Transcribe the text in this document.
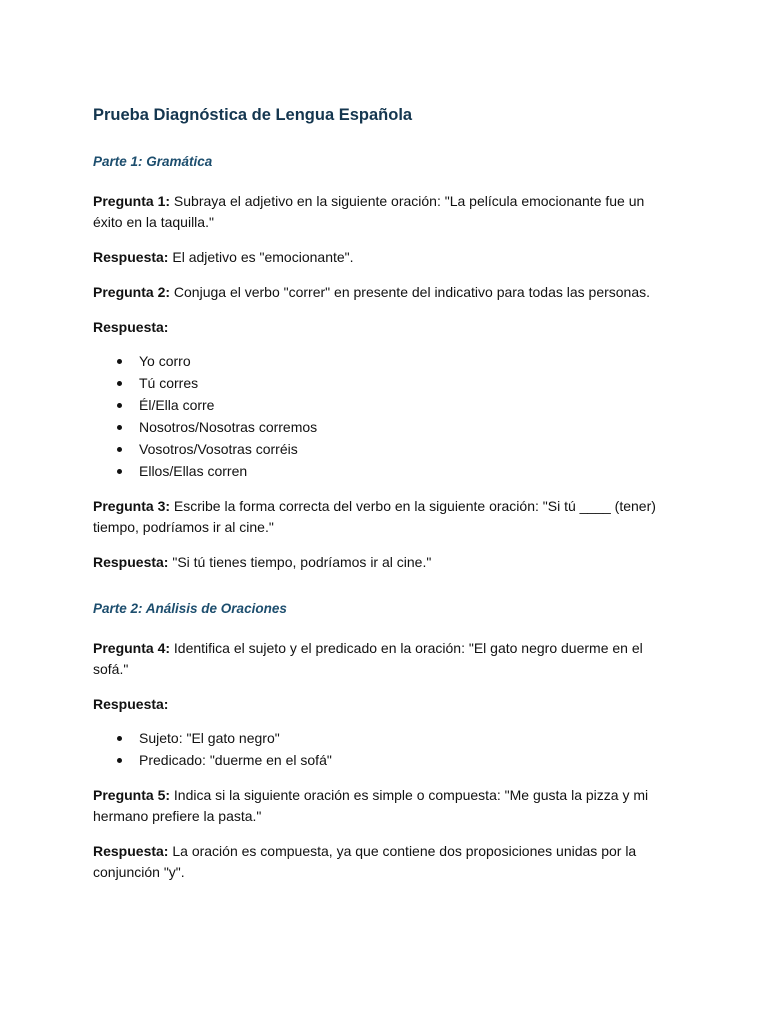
Prueba Diagnóstica de Lengua Española
Parte 1: Gramática

Pregunta 1: Subraya el adjetivo en la siguiente oración: "La película emocionante fue un éxito en la taquilla."

Respuesta: El adjetivo es "emocionante".

Pregunta 2: Conjuga el verbo "correr" en presente del indicativo para todas las personas.

Respuesta:

Yo corro
Tú corres
Él/Ella corre
Nosotros/Nosotras corremos
Vosotros/Vosotras corréis
Ellos/Ellas corren

Pregunta 3: Escribe la forma correcta del verbo en la siguiente oración: "Si tú ____ (tener) tiempo, podríamos ir al cine."

Respuesta: "Si tú tienes tiempo, podríamos ir al cine."

Parte 2: Análisis de Oraciones

Pregunta 4: Identifica el sujeto y el predicado en la oración: "El gato negro duerme en el sofá."

Respuesta:

Sujeto: "El gato negro"
Predicado: "duerme en el sofá"

Pregunta 5: Indica si la siguiente oración es simple o compuesta: "Me gusta la pizza y mi hermano prefiere la pasta."

Respuesta: La oración es compuesta, ya que contiene dos proposiciones unidas por la conjunción "y".
